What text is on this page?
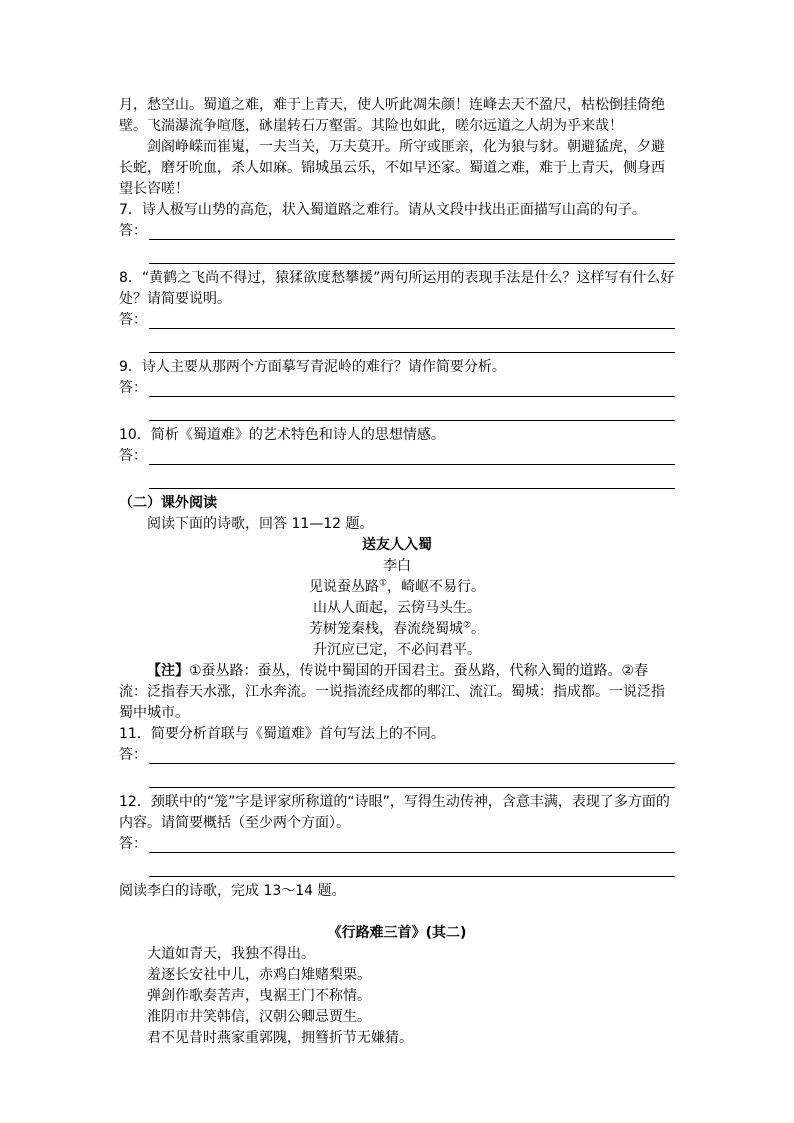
月，愁空山。蜀道之难，难于上青天，使人听此凋朱颜！连峰去天不盈尺，枯松倒挂倚绝壁。飞湍瀑流争喧豗，砯崖转石万壑雷。其险也如此，嗟尔远道之人胡为乎来哉！

剑阁峥嵘而崔嵬，一夫当关，万夫莫开。所守或匪亲，化为狼与豺。朝避猛虎，夕避长蛇，磨牙吮血，杀人如麻。锦城虽云乐，不如早还家。蜀道之难，难于上青天，侧身西望长咨嗟！

7．诗人极写山势的高危，状入蜀道路之难行。请从文段中找出正面描写山高的句子。

答：

8．“黄鹤之飞尚不得过，猿猱欲度愁攀援”两句所运用的表现手法是什么？这样写有什么好处？请简要说明。

答：

9．诗人主要从那两个方面摹写青泥岭的难行？请作简要分析。

答：

10．简析《蜀道难》的艺术特色和诗人的思想情感。

答：

（二）课外阅读

阅读下面的诗歌，回答 11—12 题。

送友人入蜀

李白

见说蚕丛路①，崎岖不易行。

山从人面起，云傍马头生。

芳树笼秦栈，春流绕蜀城②。

升沉应已定，不必问君平。

【注】①蚕丛路：蚕丛，传说中蜀国的开国君主。蚕丛路，代称入蜀的道路。②春流：泛指春天水涨，江水奔流。一说指流经成都的郫江、流江。蜀城：指成都。一说泛指蜀中城市。

11．简要分析首联与《蜀道难》首句写法上的不同。

答：

12．颈联中的“笼”字是评家所称道的“诗眼”，写得生动传神，含意丰满，表现了多方面的内容。请简要概括（至少两个方面）。

答：

阅读李白的诗歌，完成 13～14 题。

《行路难三首》(其二)

大道如青天，我独不得出。

羞逐长安社中儿，赤鸡白雉赌梨栗。

弹剑作歌奏苦声，曳裾王门不称情。

淮阴市井笑韩信，汉朝公卿忌贾生。

君不见昔时燕家重郭隗，拥篲折节无嫌猜。
